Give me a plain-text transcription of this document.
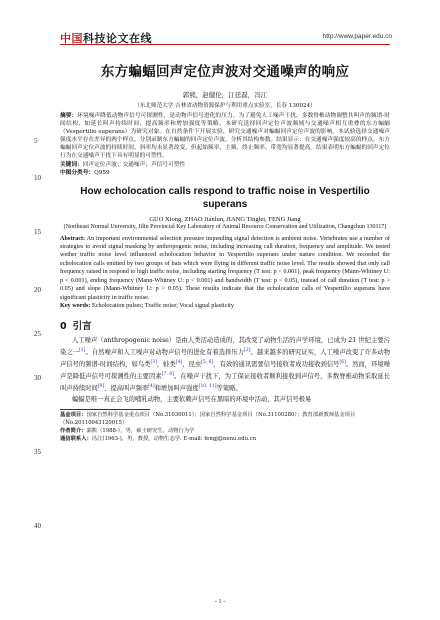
中国科技论文在线	http://www.paper.edu.cn
5
10
15
20
25
30
35
40
东方蝙蝠回声定位声波对交通噪声的响应
郭熊，赵健伦，江廷磊，冯江
（东北师范大学 吉林省动物资源保护与利用重点实验室，长春 130024）

摘要：环境噪声降低动物声信号可探测性，是动物声信号进化的压力。为了避免人工噪声干扰，多数脊椎动物调整其叫声的频谱-时间结构，如延长叫声持续时间，提高频率和增加强度等策略。本研究选择回声定位声波频域与交通噪声相互重叠的东方蝙蝠（Vespertilio superans）为研究对象。在自然条件下开展实验，研究交通噪声对蝙蝠回声定位声波的影响。本试验选择交通噪声强度水平存在差异的两个样点，分别录制东方蝙蝠的回声定位声波，分析其结构参数。结果显示：在交通噪声强度较高的样点，东方蝙蝠回声定位声波的持续时间、斜率均未显著改变，但起始频率、主频、终止频率、带宽均显著提高。结果表明东方蝙蝠的回声定位行为在交通噪声干扰下具有明显的可塑性。

关键词：回声定位声波；交通噪声；声信号可塑性

中图分类号：Q959

How echolocation calls respond to traffic noise in Vespertilio superans
GUO Xiong, ZHAO Jianlun, JIANG Tinglei, FENG Jiang
(Northeast Normal University, Jilin Provincial Key Laboratory of Animal Resource Conservation and Utilization, Changchun 130117)

Abstract: An important environmental selection pressure impending signal detection is ambient noise. Vertebrates use a number of strategies to avoid signal masking by anthropogenic noise, including increasing call duration, frequency and amplitude. We tested wether traffic noise level influenced echolocation behavior in Vespertilio superans under nature condition. We recorded the echolocation calls emitted by two groups of bats which were flying in different traffic noise level. The results showed that only call frequency raised in respond to high traffic noise, including starting frequency (T test: p < 0.001), peak frequency (Mann-Whitney U: p < 0.001), ending frequency (Mann-Whitney U: p < 0.001) and bandwidth (T test: p < 0.05), instead of call duration (T test: p > 0.05) and slope (Mann-Whitney U: p > 0.05). These results indicate that the echolocation calls of Vespertilio superans have significant plasticity in traffic noise.

Key words: Echolocation pulses; Traffic noise; Vocal signal plasticity

0 引言

人工噪声（anthropogenic noise）是由人类活动造成的，其改变了动物生活的声学环境，已成为 21 世纪主要污染之一[1]。自然噪声和人工噪声对动物声信号的进化有着选择压力[2]。越来越多的研究证实，人工噪声改变了许多动物声信号的频谱-时间结构，如鸟类[3]，蛙类[4]，昆虫[5, 6]，有效的通讯需要信号接收者成功接收到信号[6]。然而，环境噪声是降低声信号可探测性的主要因素[7, 8]。在噪声干扰下，为了保证接收者顺利接收到声信号，多数脊椎动物采取延长叫声持续时间[9]、提高叫声频率[4]和增加叫声强度[10, 11]等策略。

蝙蝠是唯一真正会飞的哺乳动物，主要依赖声信号在黑暗的环境中活动，其声信号极易

基金项目：国家自然科学基金重点项目（No.31030011）；国家自然科学基金项目（No.31100280）；教育部新教师基金项目（No.20110043120015）

作者简介：郭熊（1988-），男，硕士研究生，动物行为学

通信联系人：冯江(1963-)，男，教授，动物生态学. E-mail: fengj@nenu.edu.cn

- 1 -
